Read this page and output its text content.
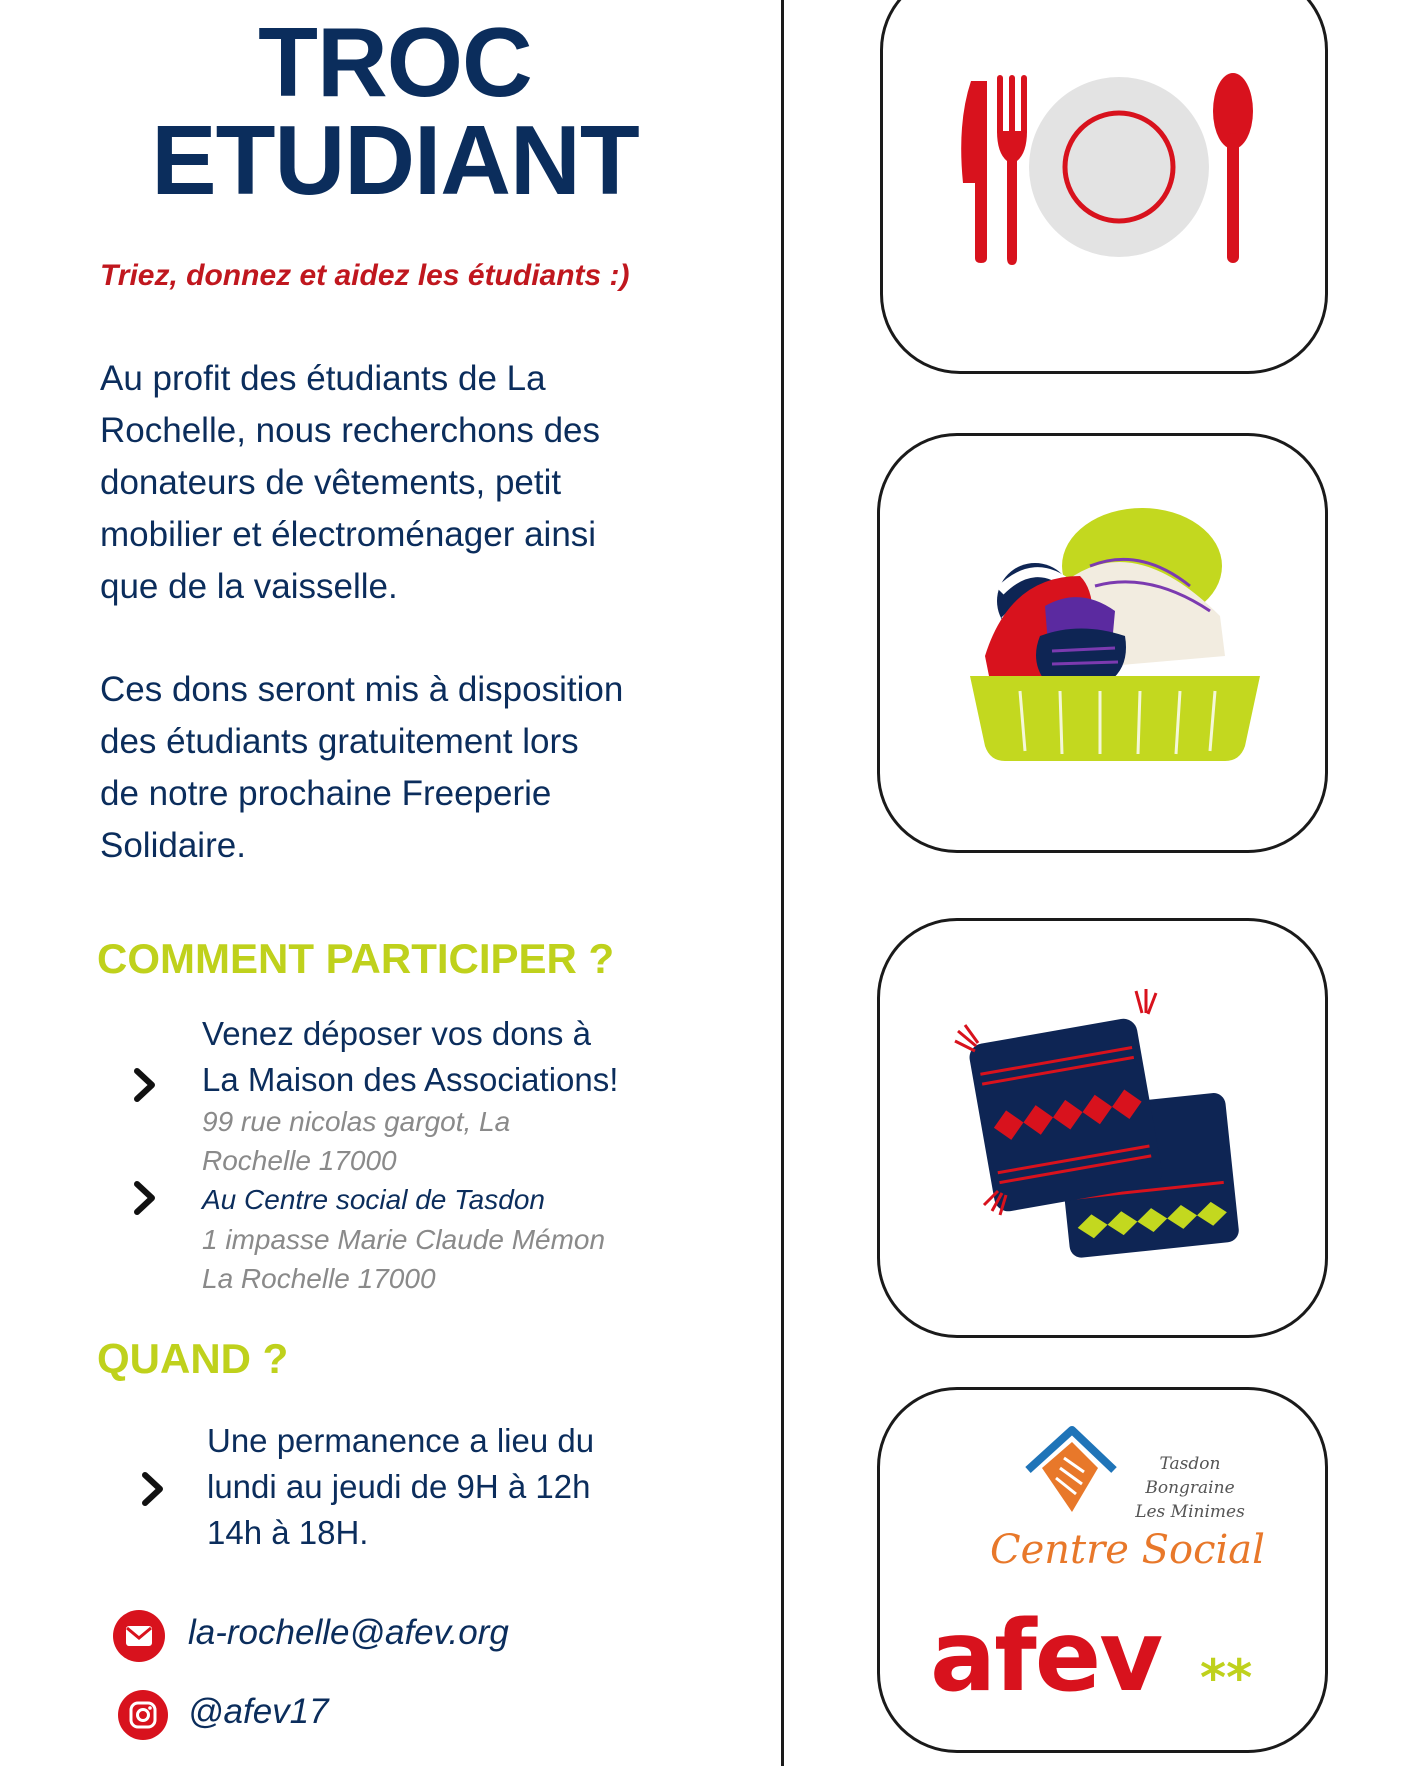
TROC
ETUDIANT
Triez, donnez et aidez les étudiants :)
Au profit des étudiants de La
Rochelle, nous recherchons des
donateurs de vêtements, petit
mobilier et électroménager ainsi
que de la vaisselle.
Ces dons seront mis à disposition
des étudiants gratuitement lors
de notre prochaine Freeperie
Solidaire.
COMMENT PARTICIPER ?
Venez déposer vos dons à
La Maison des Associations!
99 rue nicolas gargot, La
Rochelle 17000
Au Centre social de Tasdon
1 impasse Marie Claude Mémon
La Rochelle 17000
QUAND ?
Une permanence a lieu du
lundi au jeudi de 9H à 12h
14h à 18H.
la-rochelle@afev.org
@afev17
Tasdon
Bongraine
Les Minimes
Centre Social
afev **
